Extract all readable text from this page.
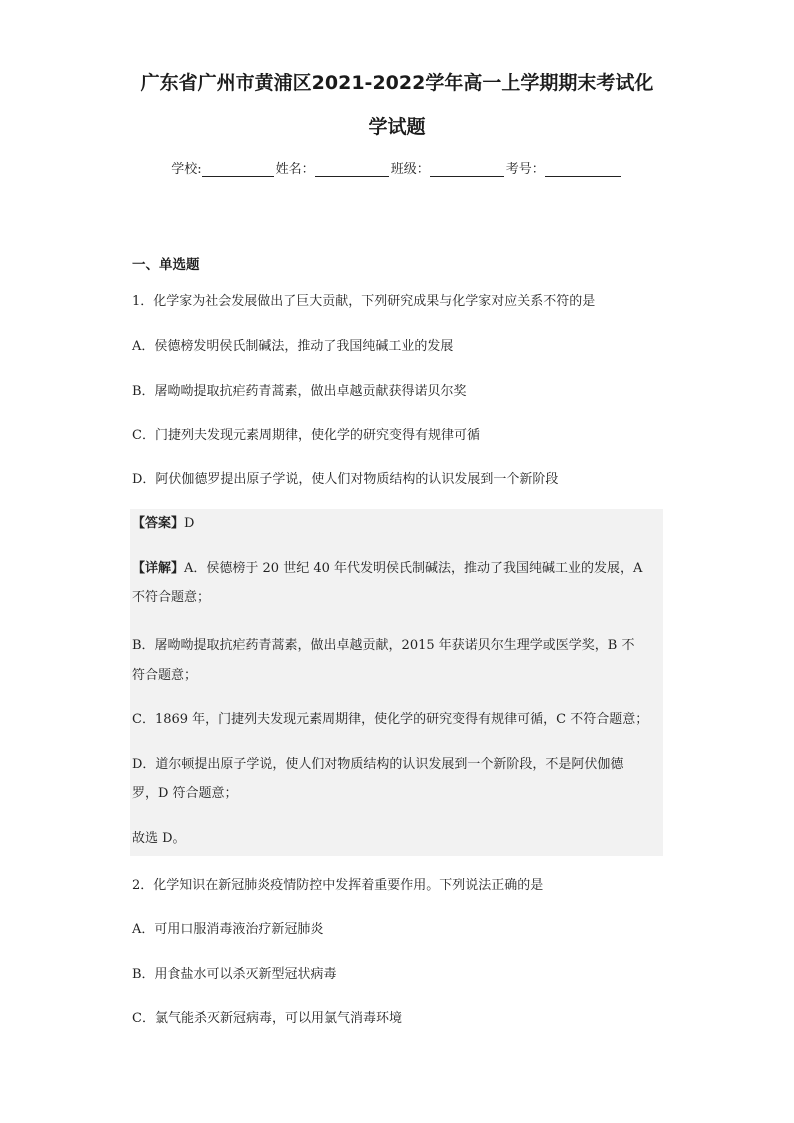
广东省广州市黄浦区2021-2022学年高一上学期期末考试化
学试题
学校:	姓名：	班级：	考号：
一、单选题
1．化学家为社会发展做出了巨大贡献，下列研究成果与化学家对应关系不符的是
A．侯德榜发明侯氏制碱法，推动了我国纯碱工业的发展
B．屠呦呦提取抗疟药青蒿素，做出卓越贡献获得诺贝尔奖
C．门捷列夫发现元素周期律，使化学的研究变得有规律可循
D．阿伏伽德罗提出原子学说，使人们对物质结构的认识发展到一个新阶段
【答案】D
【详解】A．侯德榜于 20 世纪 40 年代发明侯氏制碱法，推动了我国纯碱工业的发展，A
不符合题意；
B．屠呦呦提取抗疟药青蒿素，做出卓越贡献，2015 年获诺贝尔生理学或医学奖，B 不
符合题意；
C．1869 年，门捷列夫发现元素周期律，使化学的研究变得有规律可循，C 不符合题意；
D．道尔顿提出原子学说，使人们对物质结构的认识发展到一个新阶段，不是阿伏伽德
罗，D 符合题意；
故选 D。
2．化学知识在新冠肺炎疫情防控中发挥着重要作用。下列说法正确的是
A．可用口服消毒液治疗新冠肺炎
B．用食盐水可以杀灭新型冠状病毒
C．氯气能杀灭新冠病毒，可以用氯气消毒环境
